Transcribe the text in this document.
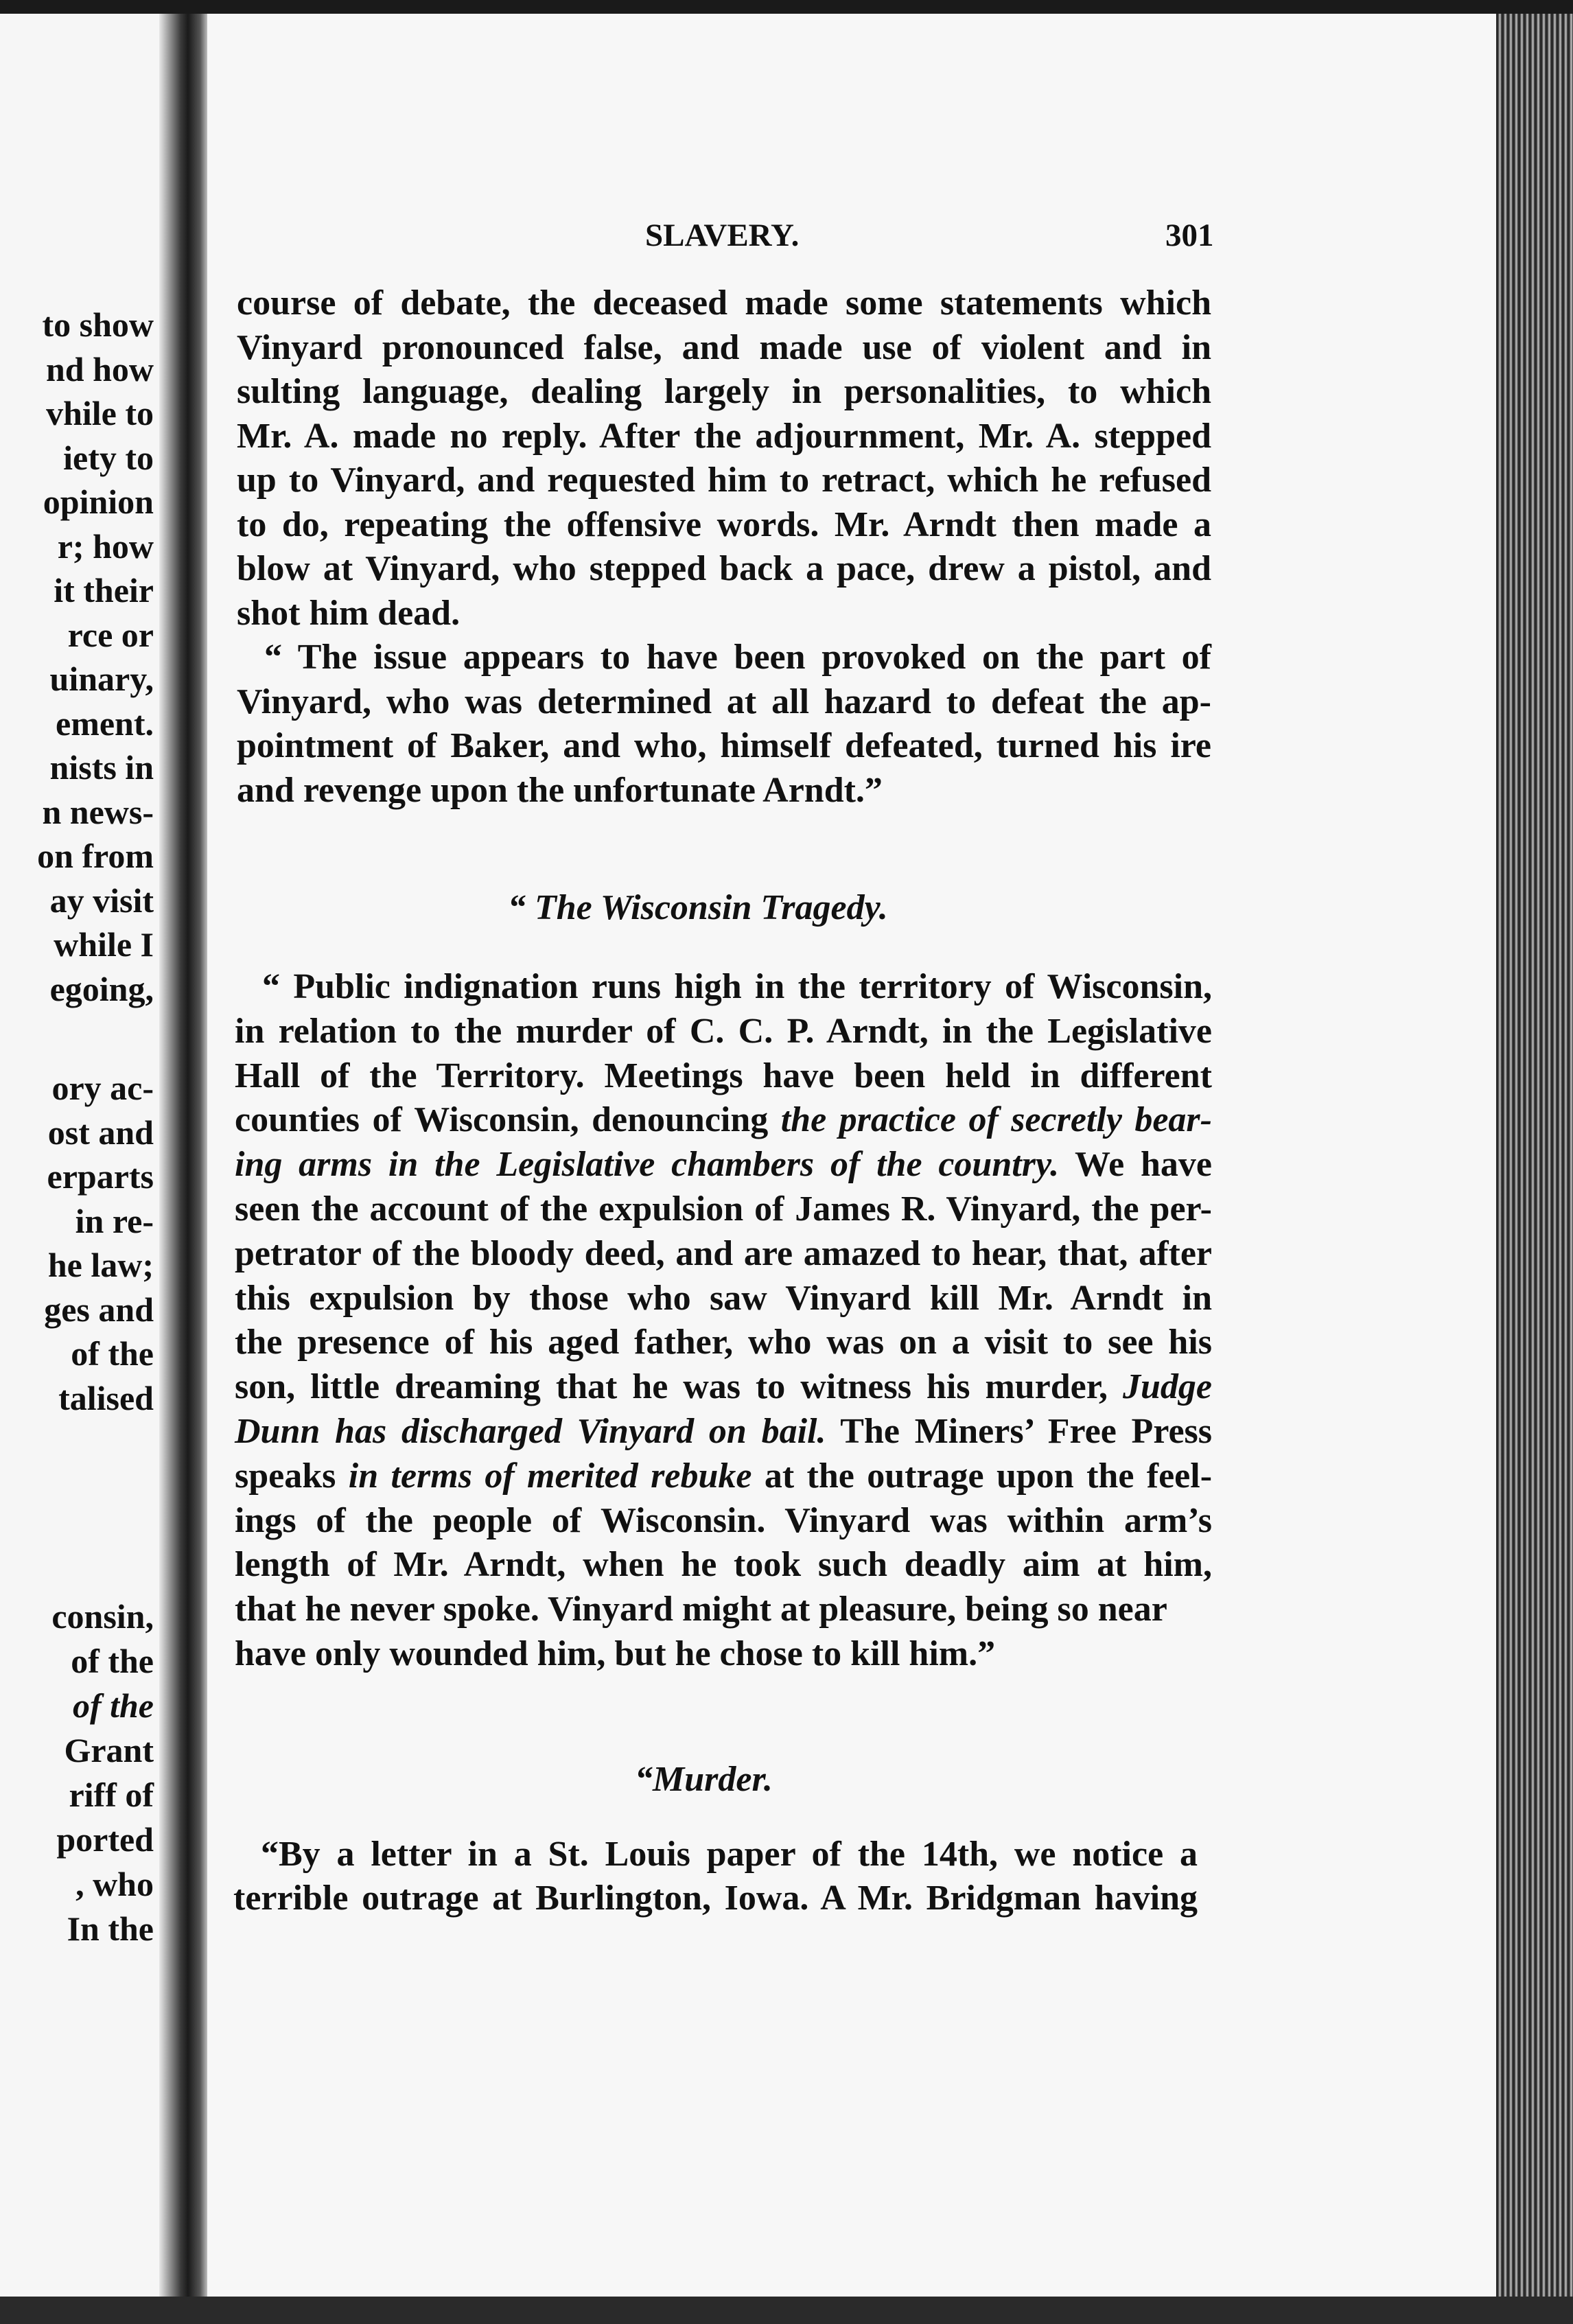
to show
nd how
vhile to
iety to
opinion
r; how
it their
rce or
uinary,
ement.
nists in
n news-
on from
ay visit
while I
egoing,
ory ac-
ost and
erparts
in re-
he law;
ges and
of the
talised
consin,
of the
of the
Grant
riff of
ported
, who
In the
SLAVERY.	301

course of debate, the deceased made some statements which

Vinyard pronounced false, and made use of violent and in

sulting language, dealing largely in personalities, to which

Mr. A. made no reply. After the adjournment, Mr. A. stepped

up to Vinyard, and requested him to retract, which he refused

to do, repeating the offensive words. Mr. Arndt then made a

blow at Vinyard, who stepped back a pace, drew a pistol, and

shot him dead.

“ The issue appears to have been provoked on the part of

Vinyard, who was determined at all hazard to defeat the ap-

pointment of Baker, and who, himself defeated, turned his ire

and revenge upon the unfortunate Arndt.”

“ The Wisconsin Tragedy.

“ Public indignation runs high in the territory of Wisconsin,

in relation to the murder of C. C. P. Arndt, in the Legislative

Hall of the Territory. Meetings have been held in different

counties of Wisconsin, denouncing the practice of secretly bear-

ing arms in the Legislative chambers of the country. We have

seen the account of the expulsion of James R. Vinyard, the per-

petrator of the bloody deed, and are amazed to hear, that, after

this expulsion by those who saw Vinyard kill Mr. Arndt in

the presence of his aged father, who was on a visit to see his

son, little dreaming that he was to witness his murder, Judge

Dunn has discharged Vinyard on bail. The Miners’ Free Press

speaks in terms of merited rebuke at the outrage upon the feel-

ings of the people of Wisconsin. Vinyard was within arm’s

length of Mr. Arndt, when he took such deadly aim at him,

that he never spoke. Vinyard might at pleasure, being so near

have only wounded him, but he chose to kill him.”

“Murder.

“By a letter in a St. Louis paper of the 14th, we notice a

terrible outrage at Burlington, Iowa. A Mr. Bridgman having
